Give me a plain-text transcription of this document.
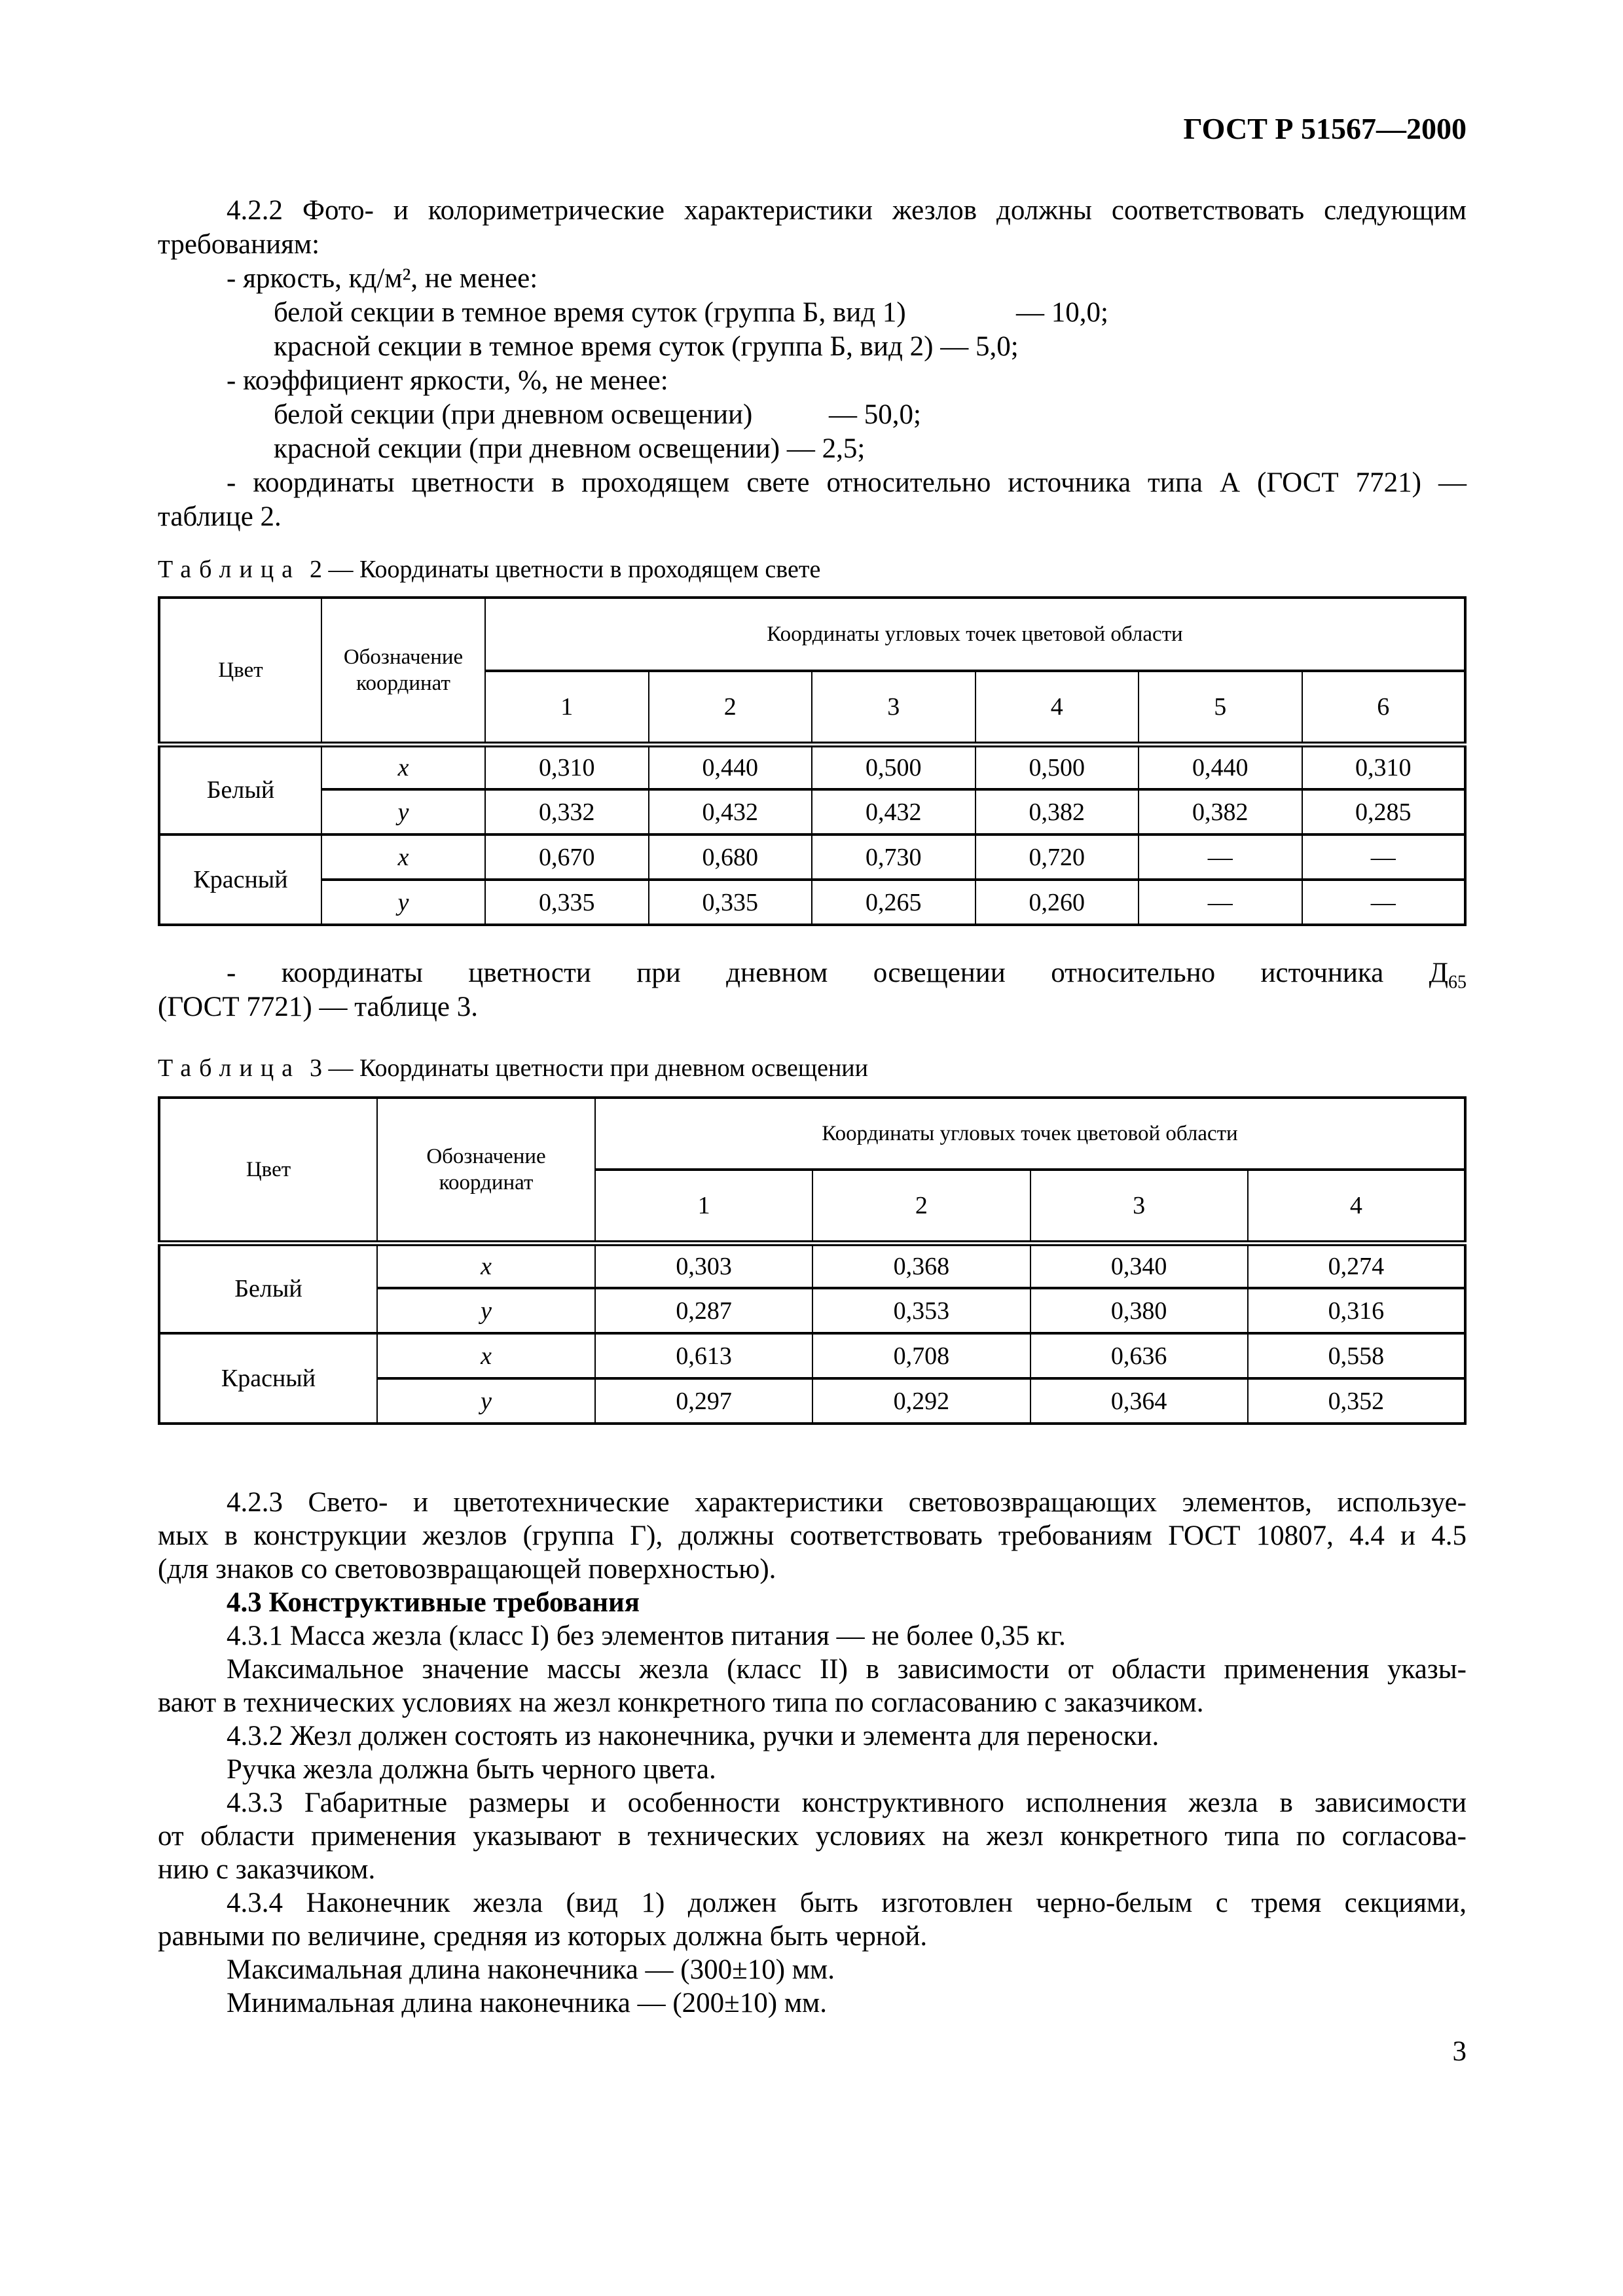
ГОСТ Р 51567—2000
4.2.2 Фото- и колориметрические характеристики жезлов должны соответствовать следующим
требованиям:
- яркость, кд/м², не менее:
белой секции в темное время суток (группа Б, вид 1)	— 10,0;
красной секции в темное время суток (группа Б, вид 2) — 5,0;
- коэффициент яркости, %, не менее:
белой секции (при дневном освещении)	— 50,0;
красной секции (при дневном освещении) — 2,5;
- координаты цветности в проходящем свете относительно источника типа А (ГОСТ 7721) —
таблице 2.
Таблица 2 — Координаты цветности в проходящем свете
Цвет	Обозначение координат	Координаты угловых точек цветовой области					
		1	2	3	4	5	6
Белый	x	0,310	0,440	0,500	0,500	0,440	0,310
	y	0,332	0,432	0,432	0,382	0,382	0,285
Красный	x	0,670	0,680	0,730	0,720	—	—
	y	0,335	0,335	0,265	0,260	—	—
- координаты цветности при дневном освещении относительно источника $Д_{65}$
(ГОСТ 7721) — таблице 3.
Таблица 3 — Координаты цветности при дневном освещении
Цвет	Обозначение координат	Координаты угловых точек цветовой области			
		1	2	3	4
Белый	x	0,303	0,368	0,340	0,274
	y	0,287	0,353	0,380	0,316
Красный	x	0,613	0,708	0,636	0,558
	y	0,297	0,292	0,364	0,352
4.2.3 Свето- и цветотехнические характеристики световозвращающих элементов, используе-
мых в конструкции жезлов (группа Г), должны соответствовать требованиям ГОСТ 10807, 4.4 и 4.5
(для знаков со световозвращающей поверхностью).
4.3 Конструктивные требования
4.3.1 Масса жезла (класс I) без элементов питания — не более 0,35 кг.
Максимальное значение массы жезла (класс II) в зависимости от области применения указы-
вают в технических условиях на жезл конкретного типа по согласованию с заказчиком.
4.3.2 Жезл должен состоять из наконечника, ручки и элемента для переноски.
Ручка жезла должна быть черного цвета.
4.3.3 Габаритные размеры и особенности конструктивного исполнения жезла в зависимости
от области применения указывают в технических условиях на жезл конкретного типа по согласова-
нию с заказчиком.
4.3.4 Наконечник жезла (вид 1) должен быть изготовлен черно-белым с тремя секциями,
равными по величине, средняя из которых должна быть черной.
Максимальная длина наконечника — (300±10) мм.
Минимальная длина наконечника — (200±10) мм.
3
